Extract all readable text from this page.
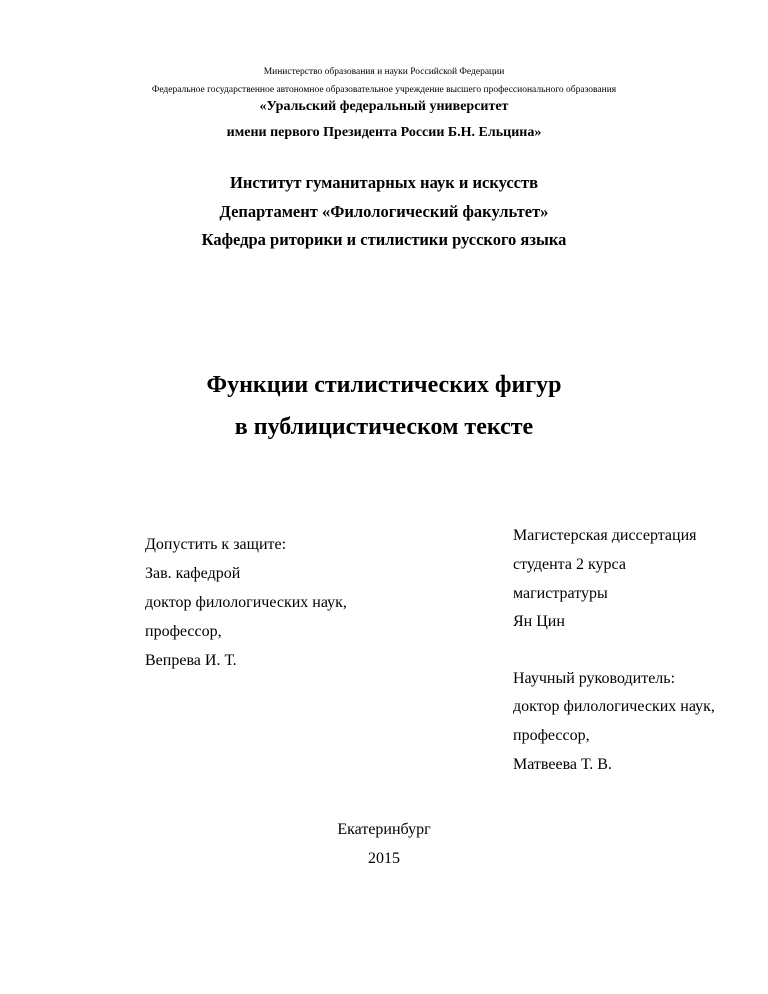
Министерство образования и науки Российской Федерации
Федеральное государственное автономное образовательное учреждение высшего профессионального образования
«Уральский федеральный университет
имени первого Президента России Б.Н. Ельцина»
Институт гуманитарных наук и искусств
Департамент «Филологический факультет»
Кафедра риторики и стилистики русского языка
Функции стилистических фигур
в публицистическом тексте
Допустить к защите:
Зав. кафедрой
доктор филологических наук,
профессор,
Вепрева И. Т.
Магистерская диссертация
студента 2 курса
магистратуры
Ян Цин
Научный руководитель:
доктор филологических наук,
профессор,
Матвеева Т. В.
Екатеринбург
2015
